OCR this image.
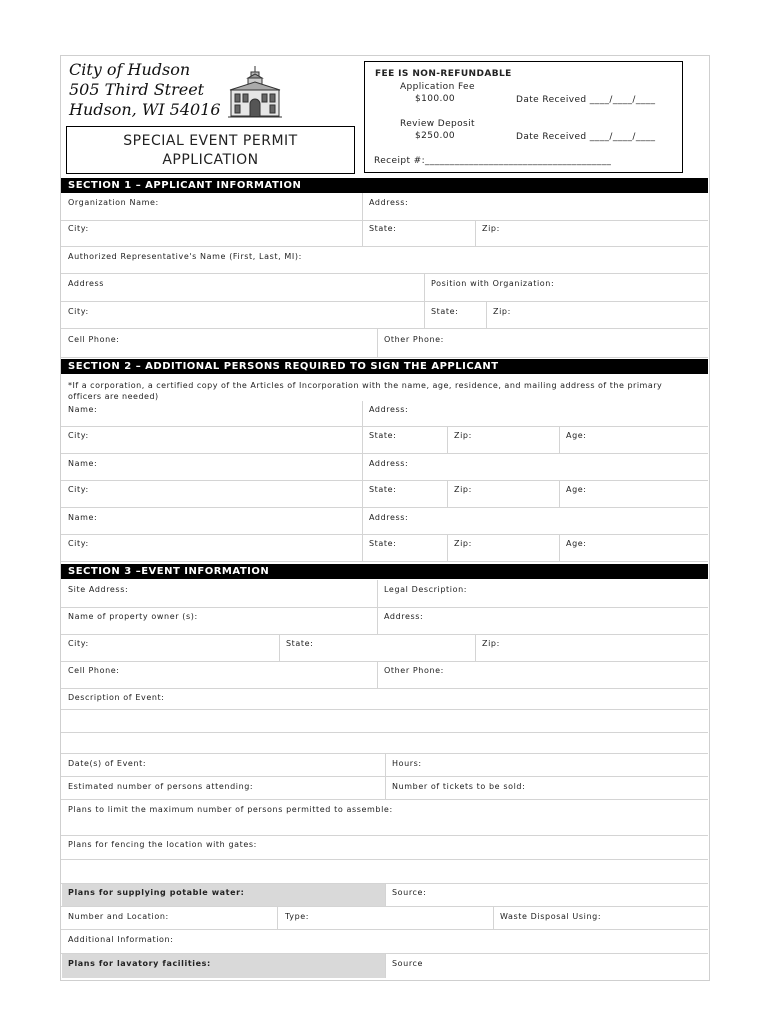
City of Hudson
505 Third Street
Hudson, WI 54016
SPECIAL EVENT PERMIT
APPLICATION
FEE IS NON-REFUNDABLE
Application Fee
$100.00	Date Received ____/____/____
Review Deposit
$250.00	Date Received ____/____/____
Receipt #:______________________________________
SECTION 1 – APPLICANT INFORMATION
Organization Name:	Address:
City:	State:	Zip:
Authorized Representative's Name (First, Last, MI):
Address	Position with Organization:
City:	State:	Zip:
Cell Phone:	Other Phone:
SECTION 2 – ADDITIONAL PERSONS REQUIRED TO SIGN THE APPLICANT
*If a corporation, a certified copy of the Articles of Incorporation with the name, age, residence, and mailing address of the primary officers are needed)
Name:	Address:
City:	State:	Zip:	Age:
Name:	Address:
City:	State:	Zip:	Age:
Name:	Address:
City:	State:	Zip:	Age:
SECTION 3 –EVENT INFORMATION
Site Address:	Legal Description:
Name of property owner (s):	Address:
City:	State:	Zip:
Cell Phone:	Other Phone:
Description of Event:
Date(s) of Event:	Hours:
Estimated number of persons attending:	Number of tickets to be sold:
Plans to limit the maximum number of persons permitted to assemble:
Plans for fencing the location with gates:
Plans for supplying potable water:	Source:
Number and Location:	Type:	Waste Disposal Using:
Additional Information:
Plans for lavatory facilities:	Source
